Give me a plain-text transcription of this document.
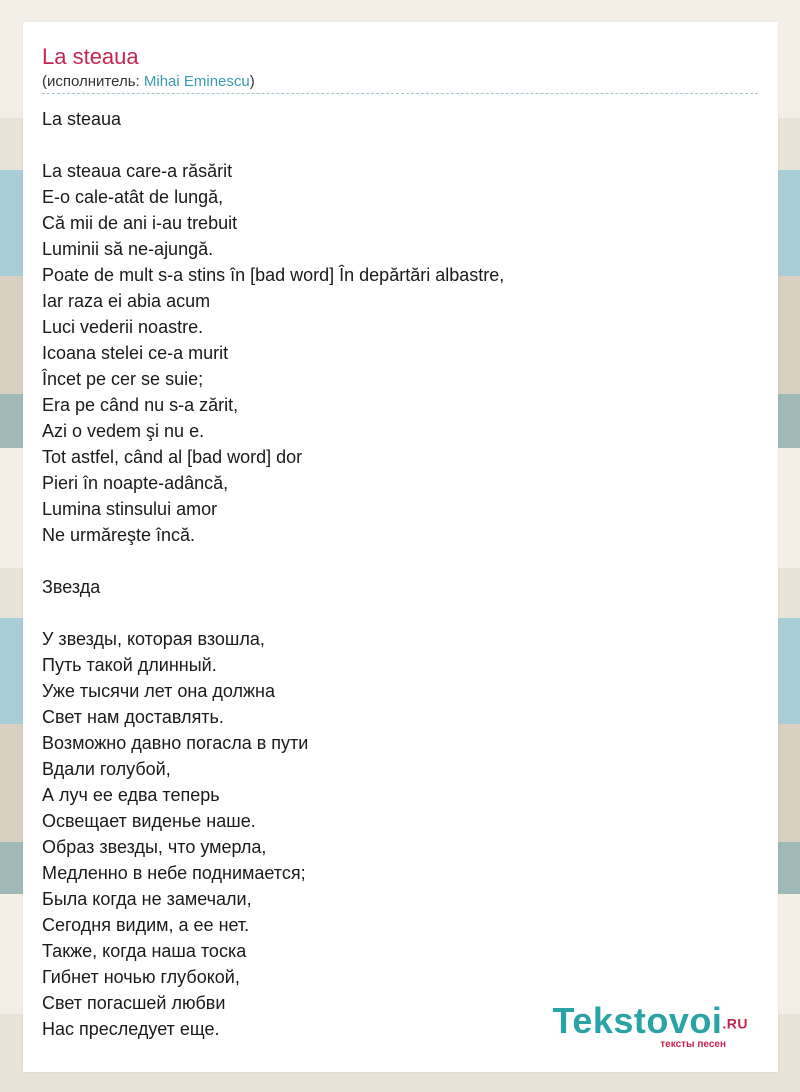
La steaua
(исполнитель: Mihai Eminescu)
La steaua
La steaua care-a răsărit
E-o cale-atât de lungă,
Că mii de ani i-au trebuit
Luminii să ne-ajungă.
Poate de mult s-a stins în [bad word] În depărtări albastre,
Iar raza ei abia acum
Luci vederii noastre.
Icoana stelei ce-a murit
Încet pe cer se suie;
Era pe când nu s-a zărit,
Azi o vedem şi nu e.
Tot astfel, când al [bad word] dor
Pieri în noapte-adâncă,
Lumina stinsului amor
Ne urmăreşte încă.
Звезда
У звезды, которая взошла,
Путь такой длинный.
Уже тысячи лет она должна
Свет нам доставлять.
Возможно давно погасла в пути
Вдали голубой,
А луч ее едва теперь
Освещает виденье наше.
Образ звезды, что умерла,
Медленно в небе поднимается;
Была когда не замечали,
Сегодня видим, а ее нет.
Также, когда наша тоска
Гибнет ночью глубокой,
Свет погасшей любви
Нас преследует еще.	Tekstovoi.RU
тексты песен
